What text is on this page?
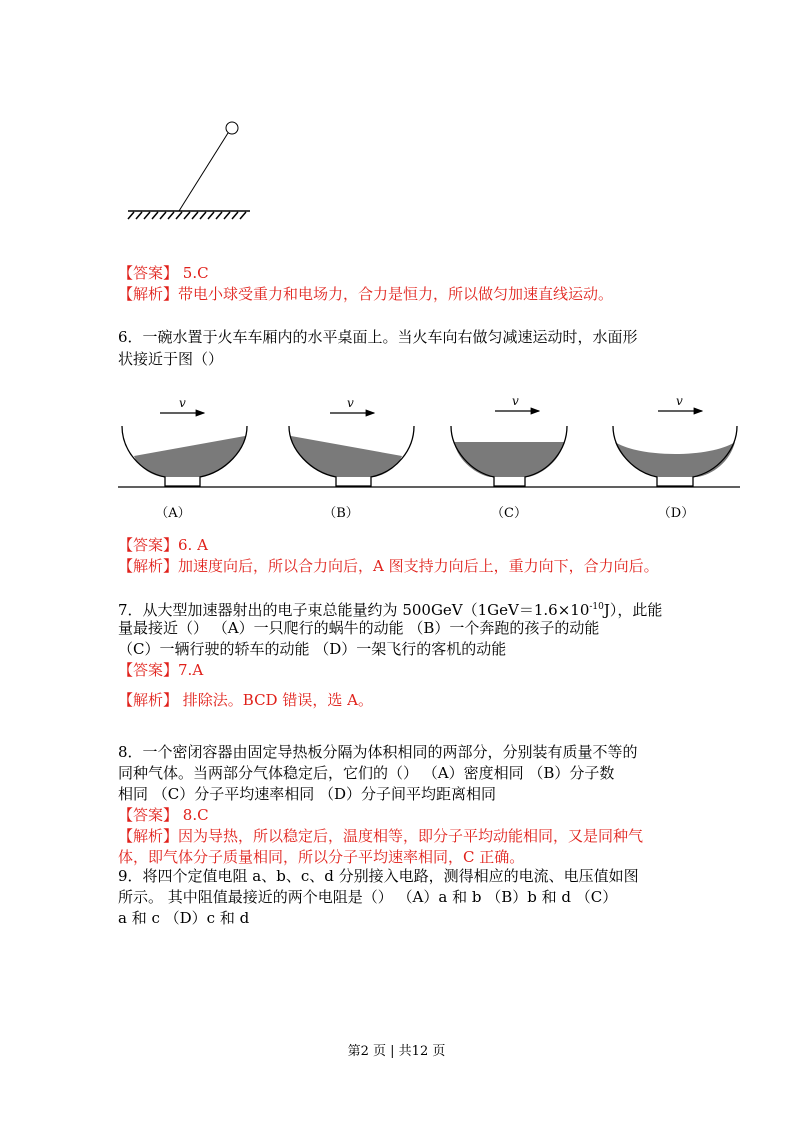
【答案】 5.C
【解析】带电小球受重力和电场力，合力是恒力，所以做匀加速直线运动。
6．一碗水置于火车车厢内的水平桌面上。当火车向右做匀减速运动时，水面形
状接近于图（）
v	v	v	v
（A）	（B）	（C）	（D）
【答案】6. A
【解析】加速度向后，所以合力向后，A 图支持力向后上，重力向下，合力向后。
7．从大型加速器射出的电子束总能量约为 $500GeV(1GeV=1.6\times 10^{-10}J)$，此能
量最接近（） （A）一只爬行的蜗牛的动能 （B）一个奔跑的孩子的动能
（C）一辆行驶的轿车的动能 （D）一架飞行的客机的动能
【答案】7.A
【解析】 排除法。BCD 错误，选 A。
8．一个密闭容器由固定导热板分隔为体积相同的两部分，分别装有质量不等的
同种气体。当两部分气体稳定后，它们的（） （A）密度相同 （B）分子数
相同 （C）分子平均速率相同 （D）分子间平均距离相同
【答案】 8.C
【解析】因为导热，所以稳定后，温度相等，即分子平均动能相同，又是同种气
体，即气体分子质量相同，所以分子平均速率相同，C 正确。
9．将四个定值电阻 a、b、c、d 分别接入电路，测得相应的电流、电压值如图
所示。 其中阻值最接近的两个电阻是（） （A）a 和 b （B）b 和 d （C）
a 和 c （D）c 和 d
第2 页 | 共12 页
